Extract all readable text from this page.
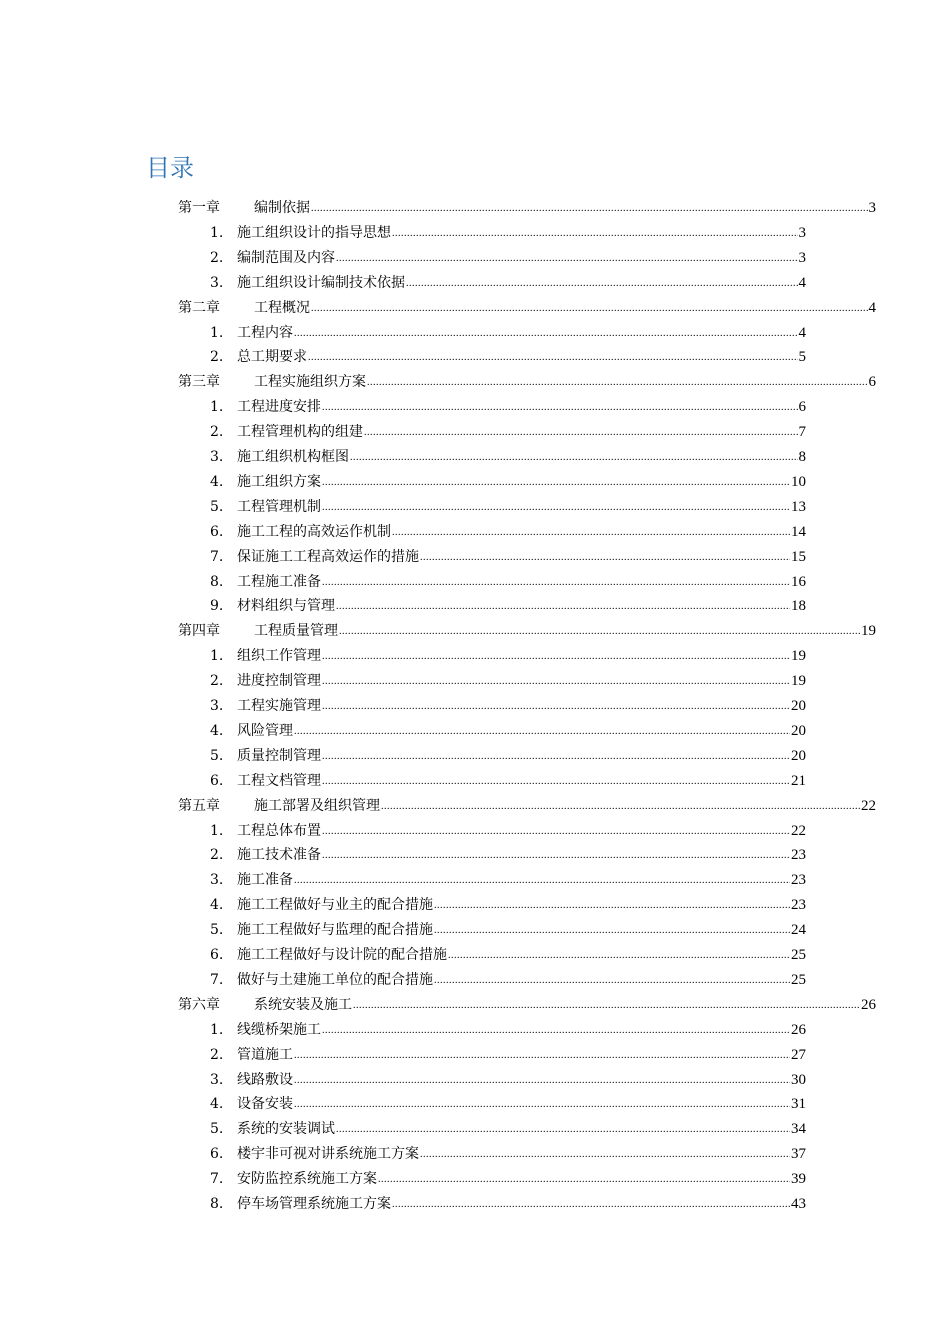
目录
第一章	编制依据 .....	3
1. 施工组织设计的指导思想 .....	3
2. 编制范围及内容 .....	3
3. 施工组织设计编制技术依据 .....	4
第二章	工程概况 .....	4
1. 工程内容 .....	4
2. 总工期要求 .....	5
第三章	工程实施组织方案 .....	6
1. 工程进度安排 .....	6
2. 工程管理机构的组建 .....	7
3. 施工组织机构框图 .....	8
4. 施工组织方案 .....	10
5. 工程管理机制 .....	13
6. 施工工程的高效运作机制 .....	14
7. 保证施工工程高效运作的措施 .....	15
8. 工程施工准备 .....	16
9. 材料组织与管理 .....	18
第四章	工程质量管理 .....	19
1. 组织工作管理 .....	19
2. 进度控制管理 .....	19
3. 工程实施管理 .....	20
4. 风险管理 .....	20
5. 质量控制管理 .....	20
6. 工程文档管理 .....	21
第五章	施工部署及组织管理 .....	22
1. 工程总体布置 .....	22
2. 施工技术准备 .....	23
3. 施工准备 .....	23
4. 施工工程做好与业主的配合措施 .....	23
5. 施工工程做好与监理的配合措施 .....	24
6. 施工工程做好与设计院的配合措施 .....	25
7. 做好与土建施工单位的配合措施 .....	25
第六章	系统安装及施工 .....	26
1. 线缆桥架施工 .....	26
2. 管道施工 .....	27
3. 线路敷设 .....	30
4. 设备安装 .....	31
5. 系统的安装调试 .....	34
6. 楼宇非可视对讲系统施工方案 .....	37
7. 安防监控系统施工方案 .....	39
8. 停车场管理系统施工方案 .....	43
